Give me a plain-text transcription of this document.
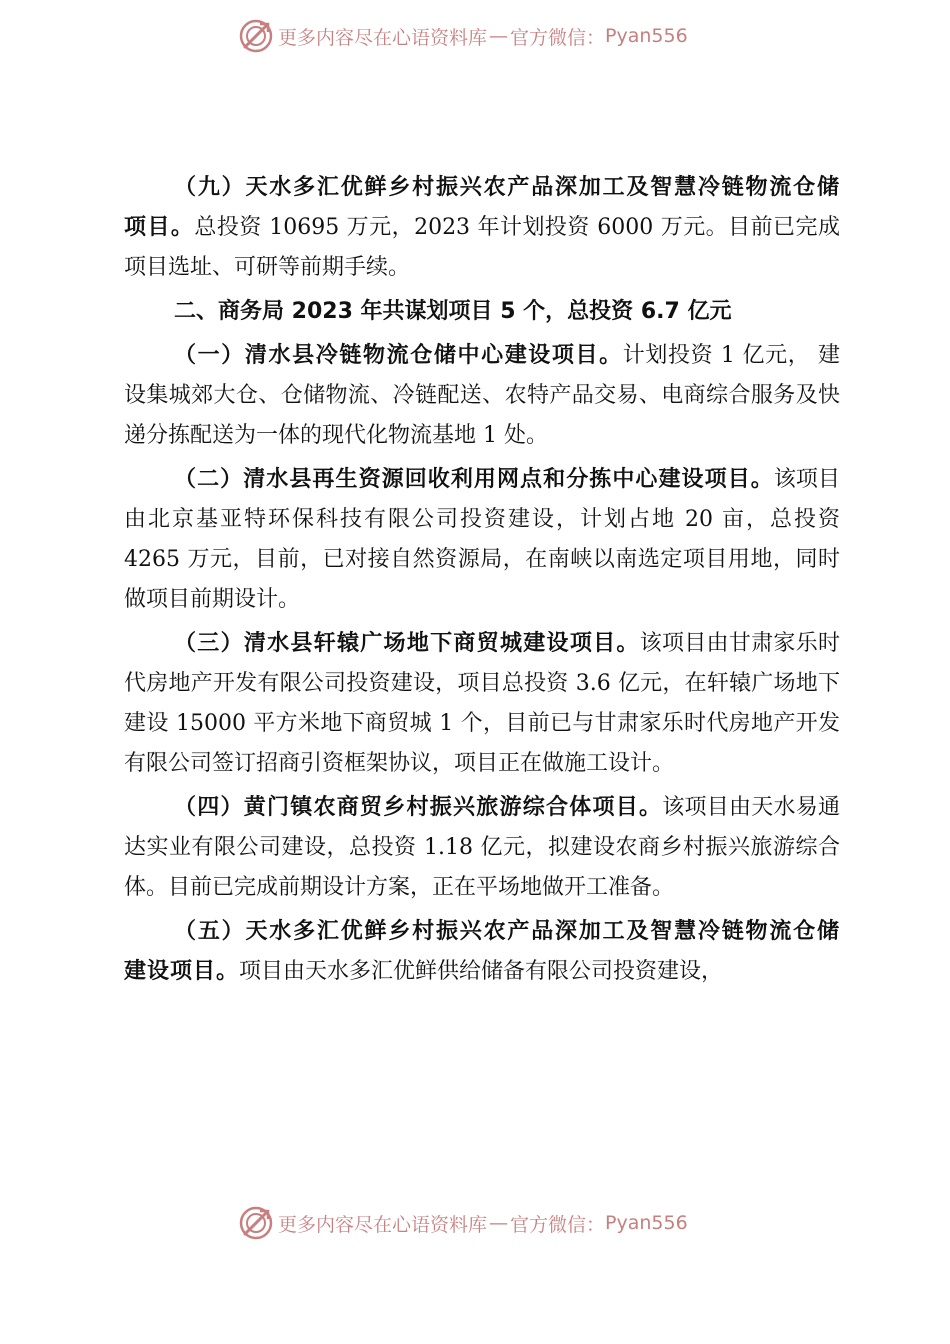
更多内容尽在心语资料库 — 官方微信： Pyan556

（九）天水多汇优鲜乡村振兴农产品深加工及智慧冷链物流仓储项目。总投资 10695 万元，2023 年计划投资 6000 万元。目前已完成项目选址、可研等前期手续。

二、商务局 2023 年共谋划项目 5 个，总投资 6.7 亿元

（一）清水县冷链物流仓储中心建设项目。计划投资 1 亿元， 建设集城郊大仓、仓储物流、冷链配送、农特产品交易、电商综合服务及快递分拣配送为一体的现代化物流基地 1 处。

（二）清水县再生资源回收利用网点和分拣中心建设项目。该项目由北京基亚特环保科技有限公司投资建设，计划占地 20 亩，总投资 4265 万元，目前，已对接自然资源局，在南峡以南选定项目用地，同时做项目前期设计。

（三）清水县轩辕广场地下商贸城建设项目。该项目由甘肃家乐时代房地产开发有限公司投资建设，项目总投资 3.6 亿元，在轩辕广场地下建设 15000 平方米地下商贸城 1 个，目前已与甘肃家乐时代房地产开发有限公司签订招商引资框架协议，项目正在做施工设计。

（四）黄门镇农商贸乡村振兴旅游综合体项目。该项目由天水易通达实业有限公司建设，总投资 1.18 亿元，拟建设农商乡村振兴旅游综合体。目前已完成前期设计方案，正在平场地做开工准备。

（五）天水多汇优鲜乡村振兴农产品深加工及智慧冷链物流仓储建设项目。项目由天水多汇优鲜供给储备有限公司投资建设，

更多内容尽在心语资料库 — 官方微信： Pyan556
